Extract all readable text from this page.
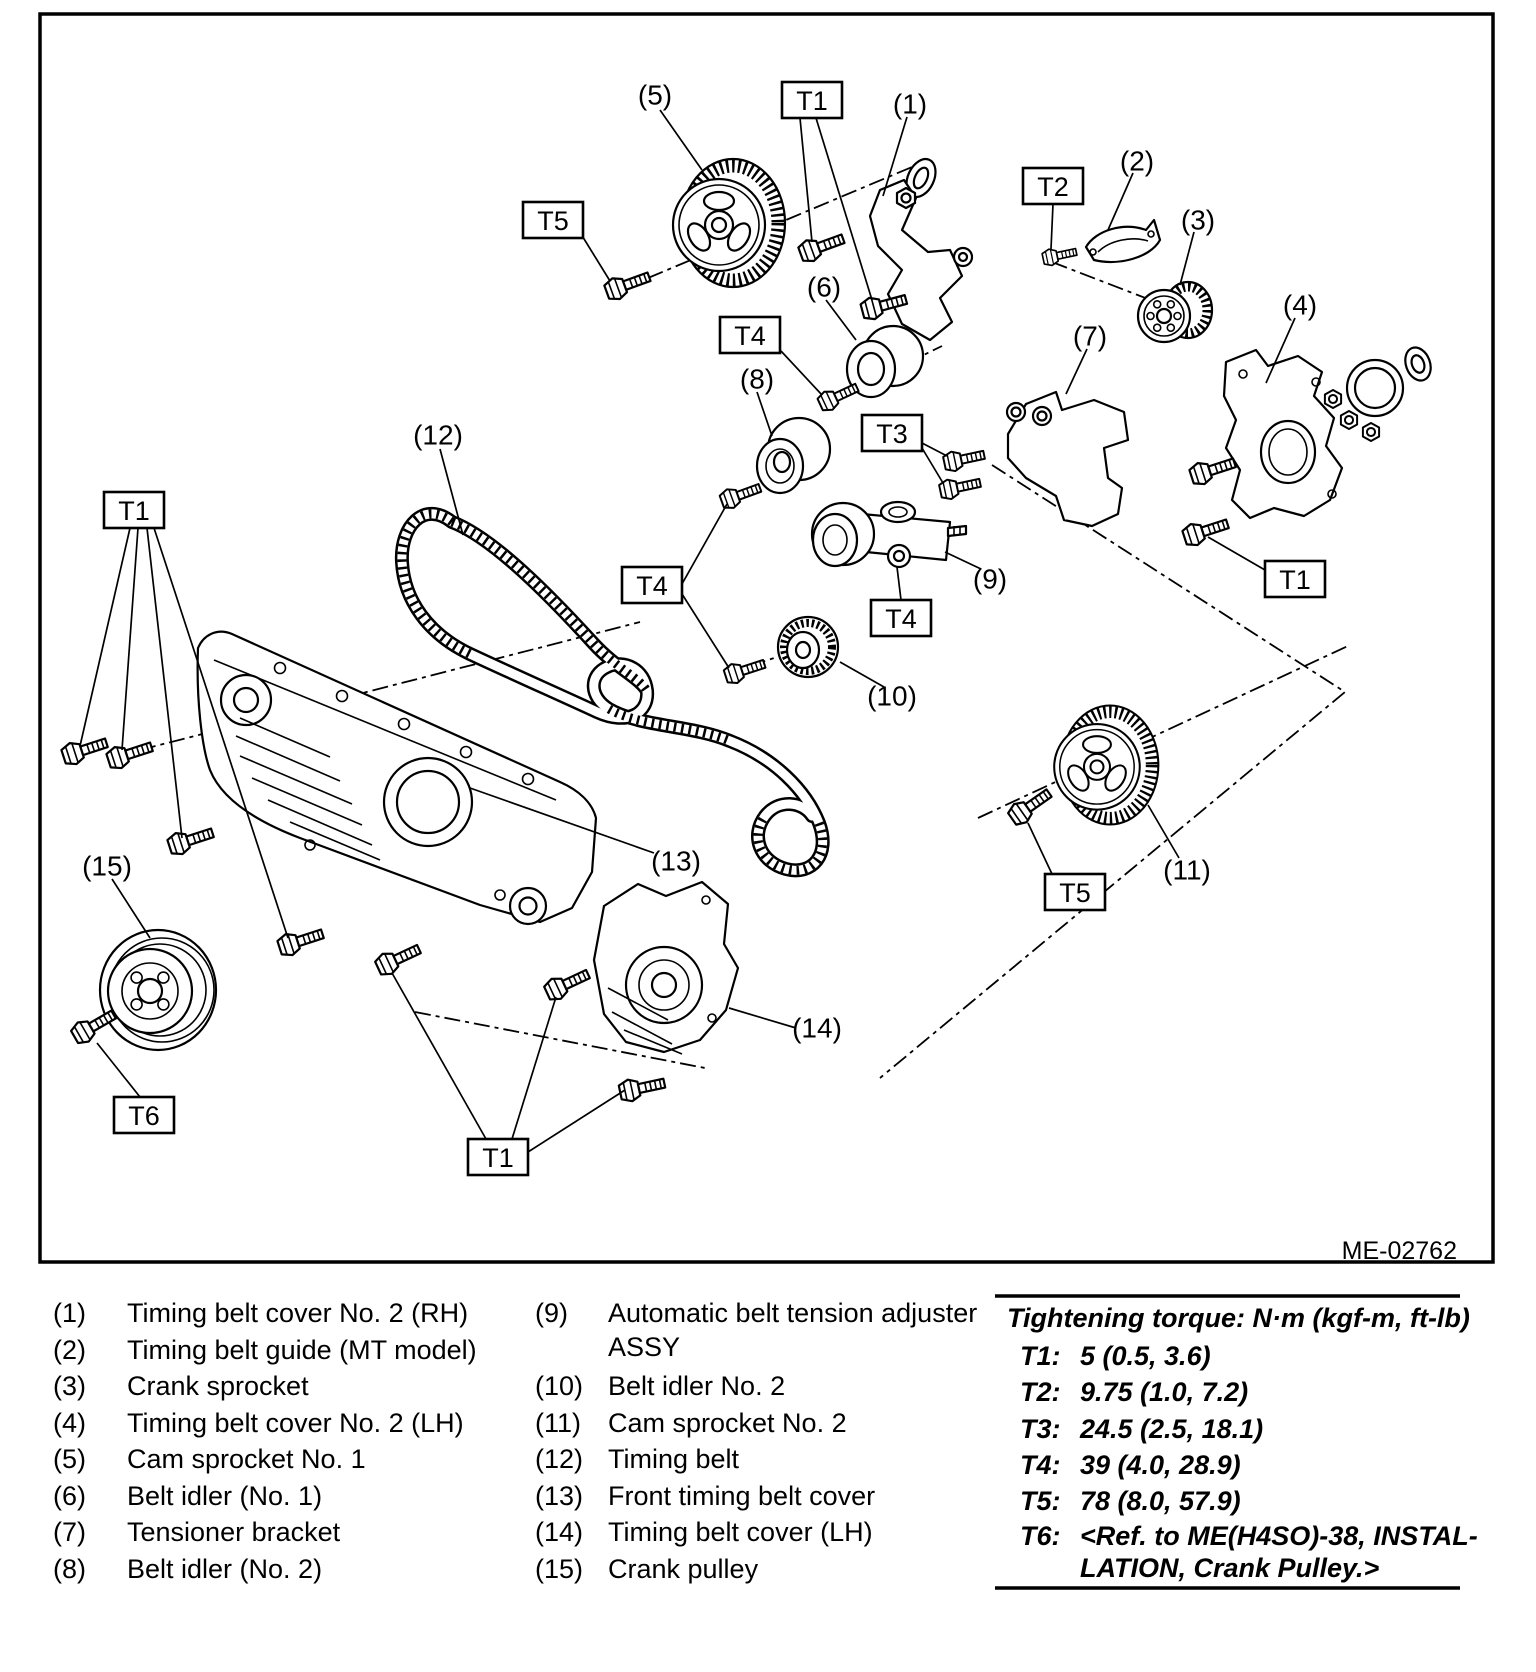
(1)
(2)
(3)
(4)
(5)
(6)
(7)
(8)
(9)
(10)
(11)
(12)
(13)
(14)
(15)
T1
T5
T2
T4
T3
T4
T4
T1
T5
T6
T1
T1
ME-02762
(1) Timing belt cover No. 2 (RH)
(2) Timing belt guide (MT model)
(3) Crank sprocket
(4) Timing belt cover No. 2 (LH)
(5) Cam sprocket No. 1
(6) Belt idler (No. 1)
(7) Tensioner bracket
(8) Belt idler (No. 2)
(9) Automatic belt tension adjuster
ASSY
(10) Belt idler No. 2
(11) Cam sprocket No. 2
(12) Timing belt
(13) Front timing belt cover
(14) Timing belt cover (LH)
(15) Crank pulley
Tightening torque: N·m (kgf-m, ft-lb)
T1: 5 (0.5, 3.6)
T2: 9.75 (1.0, 7.2)
T3: 24.5 (2.5, 18.1)
T4: 39 (4.0, 28.9)
T5: 78 (8.0, 57.9)
T6: <Ref. to ME(H4SO)-38, INSTAL-
LATION, Crank Pulley.>
